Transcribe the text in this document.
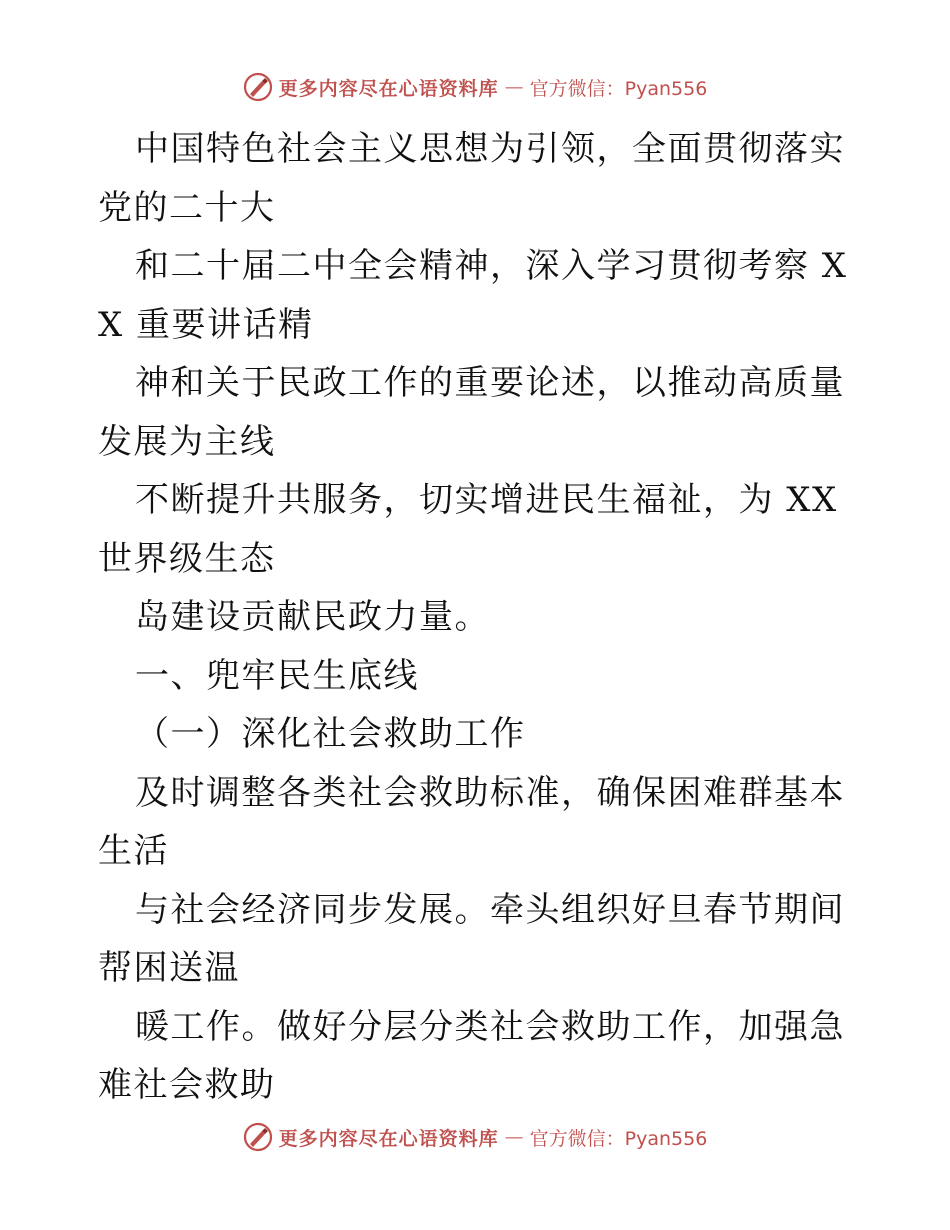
更多内容尽在心语资料库 — 官方微信：Pyan556

中国特色社会主义思想为引领，全面贯彻落实党的二十大

和二十届二中全会精神，深入学习贯彻考察 XX 重要讲话精

神和关于民政工作的重要论述，以推动高质量发展为主线

不断提升共服务，切实增进民生福祉，为 XX 世界级生态

岛建设贡献民政力量。

一、兜牢民生底线

（一）深化社会救助工作

及时调整各类社会救助标准，确保困难群基本生活

与社会经济同步发展。牵头组织好旦春节期间帮困送温

暖工作。做好分层分类社会救助工作，加强急难社会救助

更多内容尽在心语资料库 — 官方微信：Pyan556
